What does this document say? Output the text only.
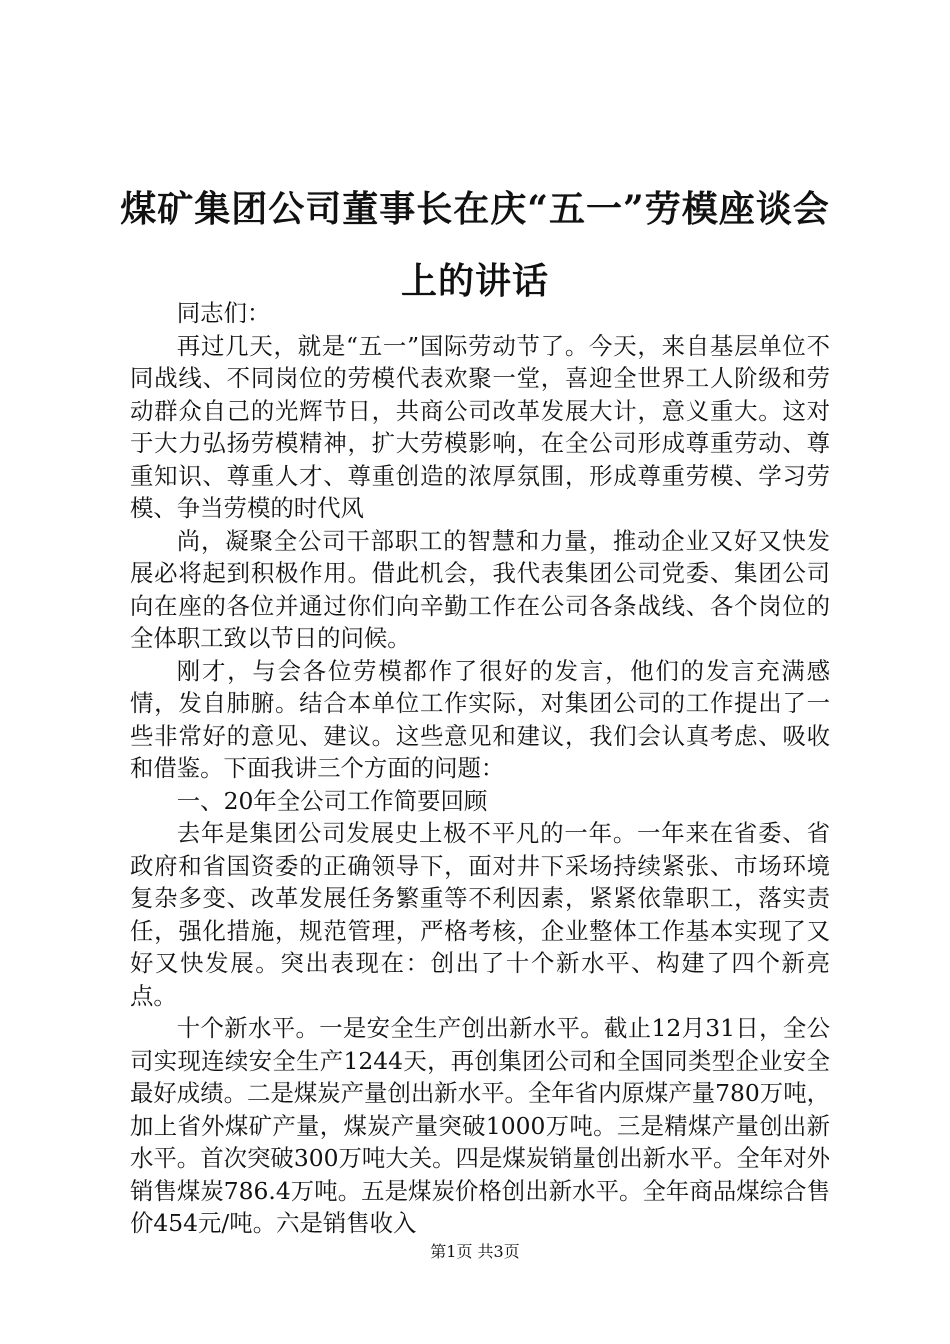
煤矿集团公司董事长在庆“五一”劳模座谈会
上的讲话

同志们：

再过几天，就是“五一”国际劳动节了。今天，来自基层单位不同战线、不同岗位的劳模代表欢聚一堂，喜迎全世界工人阶级和劳动群众自己的光辉节日，共商公司改革发展大计，意义重大。这对于大力弘扬劳模精神，扩大劳模影响，在全公司形成尊重劳动、尊重知识、尊重人才、尊重创造的浓厚氛围，形成尊重劳模、学习劳模、争当劳模的时代风

尚，凝聚全公司干部职工的智慧和力量，推动企业又好又快发展必将起到积极作用。借此机会，我代表集团公司党委、集团公司向在座的各位并通过你们向辛勤工作在公司各条战线、各个岗位的全体职工致以节日的问候。

刚才，与会各位劳模都作了很好的发言，他们的发言充满感情，发自肺腑。结合本单位工作实际，对集团公司的工作提出了一些非常好的意见、建议。这些意见和建议，我们会认真考虑、吸收和借鉴。下面我讲三个方面的问题：

一、20年全公司工作简要回顾

去年是集团公司发展史上极不平凡的一年。一年来在省委、省政府和省国资委的正确领导下，面对井下采场持续紧张、市场环境复杂多变、改革发展任务繁重等不利因素，紧紧依靠职工，落实责任，强化措施，规范管理，严格考核，企业整体工作基本实现了又好又快发展。突出表现在：创出了十个新水平、构建了四个新亮点。

十个新水平。一是安全生产创出新水平。截止12月31日，全公司实现连续安全生产1244天，再创集团公司和全国同类型企业安全最好成绩。二是煤炭产量创出新水平。全年省内原煤产量780万吨，加上省外煤矿产量，煤炭产量突破1000万吨。三是精煤产量创出新水平。首次突破300万吨大关。四是煤炭销量创出新水平。全年对外销售煤炭786.4万吨。五是煤炭价格创出新水平。全年商品煤综合售价454元/吨。六是销售收入

第1页 共3页
